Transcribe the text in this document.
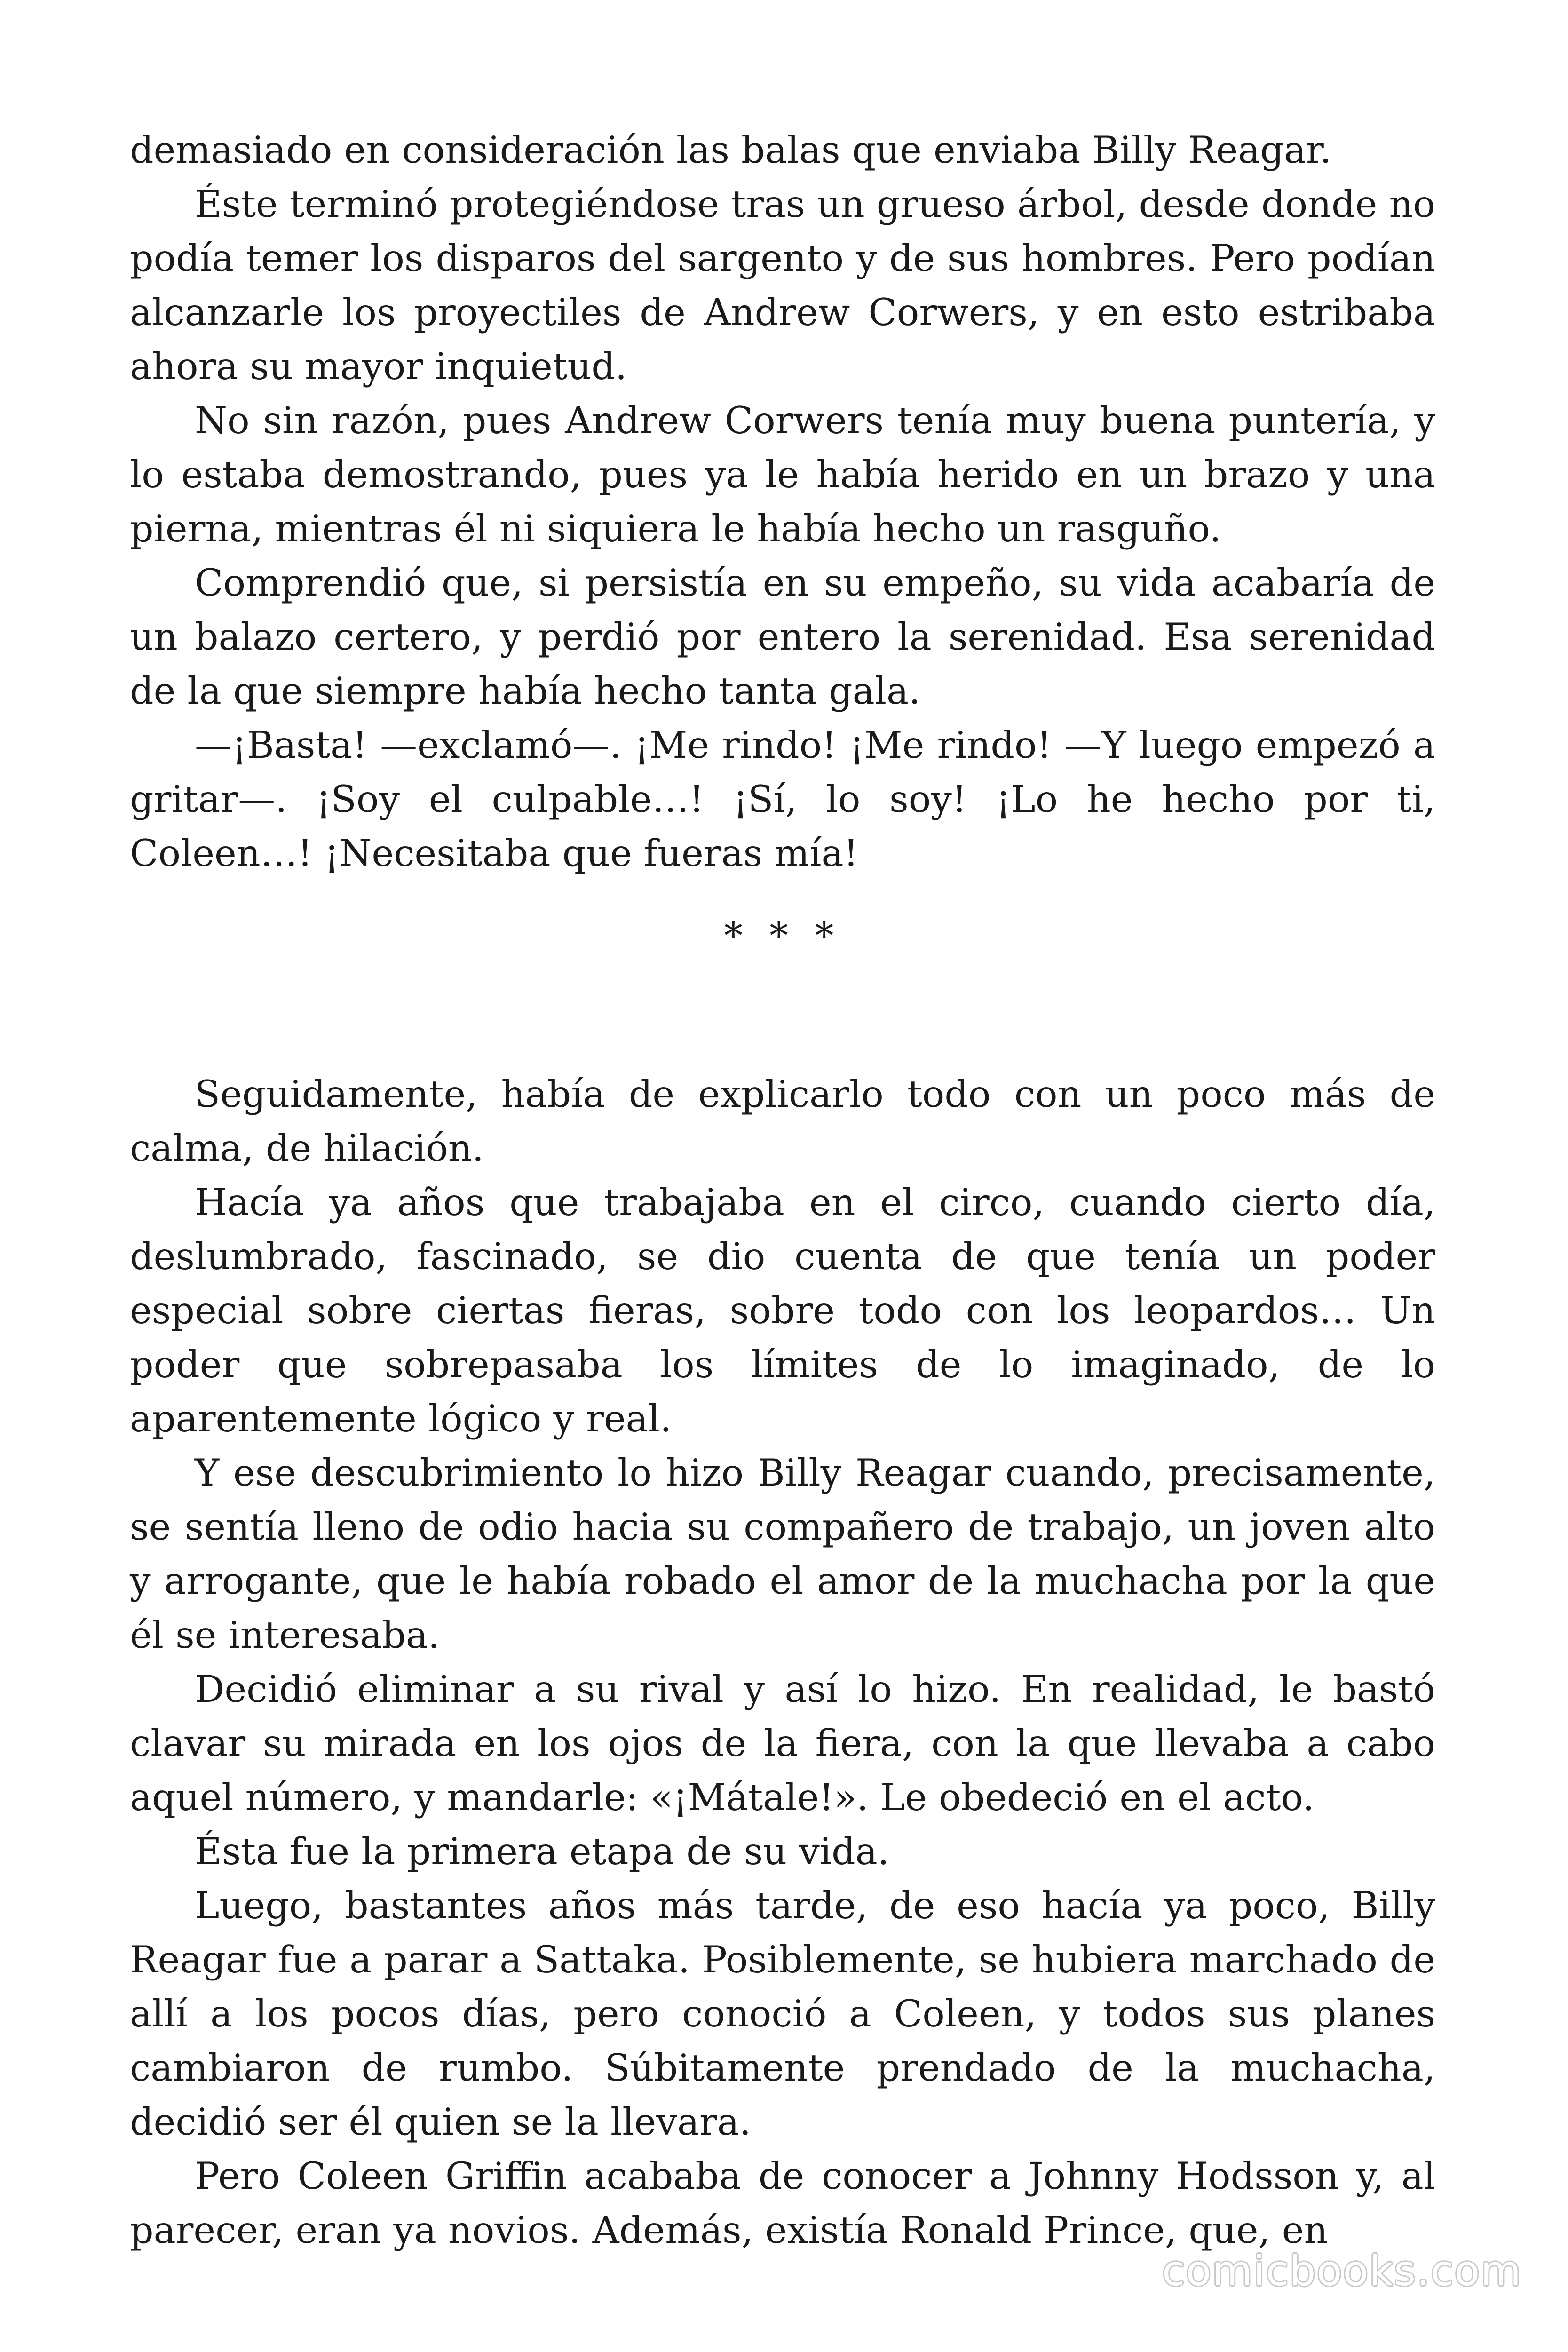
demasiado en consideración las balas que enviaba Billy Reagar.

Éste terminó protegiéndose tras un grueso árbol, desde donde no podía temer los disparos del sargento y de sus hombres. Pero podían alcanzarle los proyectiles de Andrew Corwers, y en esto estribaba ahora su mayor inquietud.

No sin razón, pues Andrew Corwers tenía muy buena puntería, y lo estaba demostrando, pues ya le había herido en un brazo y una pierna, mientras él ni siquiera le había hecho un rasguño.

Comprendió que, si persistía en su empeño, su vida acabaría de un balazo certero, y perdió por entero la serenidad. Esa serenidad de la que siempre había hecho tanta gala.

—¡Basta! —exclamó—. ¡Me rindo! ¡Me rindo! —Y luego empezó a gritar—. ¡Soy el culpable…! ¡Sí, lo soy! ¡Lo he hecho por ti, Coleen…! ¡Necesitaba que fueras mía!

* * *

Seguidamente, había de explicarlo todo con un poco más de calma, de hilación.

Hacía ya años que trabajaba en el circo, cuando cierto día, deslumbrado, fascinado, se dio cuenta de que tenía un poder especial sobre ciertas fieras, sobre todo con los leopardos… Un poder que sobrepasaba los límites de lo imaginado, de lo aparentemente lógico y real.

Y ese descubrimiento lo hizo Billy Reagar cuando, precisamente, se sentía lleno de odio hacia su compañero de trabajo, un joven alto y arrogante, que le había robado el amor de la muchacha por la que él se interesaba.

Decidió eliminar a su rival y así lo hizo. En realidad, le bastó clavar su mirada en los ojos de la fiera, con la que llevaba a cabo aquel número, y mandarle: «¡Mátale!». Le obedeció en el acto.

Ésta fue la primera etapa de su vida.

Luego, bastantes años más tarde, de eso hacía ya poco, Billy Reagar fue a parar a Sattaka. Posiblemente, se hubiera marchado de allí a los pocos días, pero conoció a Coleen, y todos sus planes cambiaron de rumbo. Súbitamente prendado de la muchacha, decidió ser él quien se la llevara.

Pero Coleen Griffin acababa de conocer a Johnny Hodsson y, al parecer, eran ya novios. Además, existía Ronald Prince, que, en

comicbooks.com
